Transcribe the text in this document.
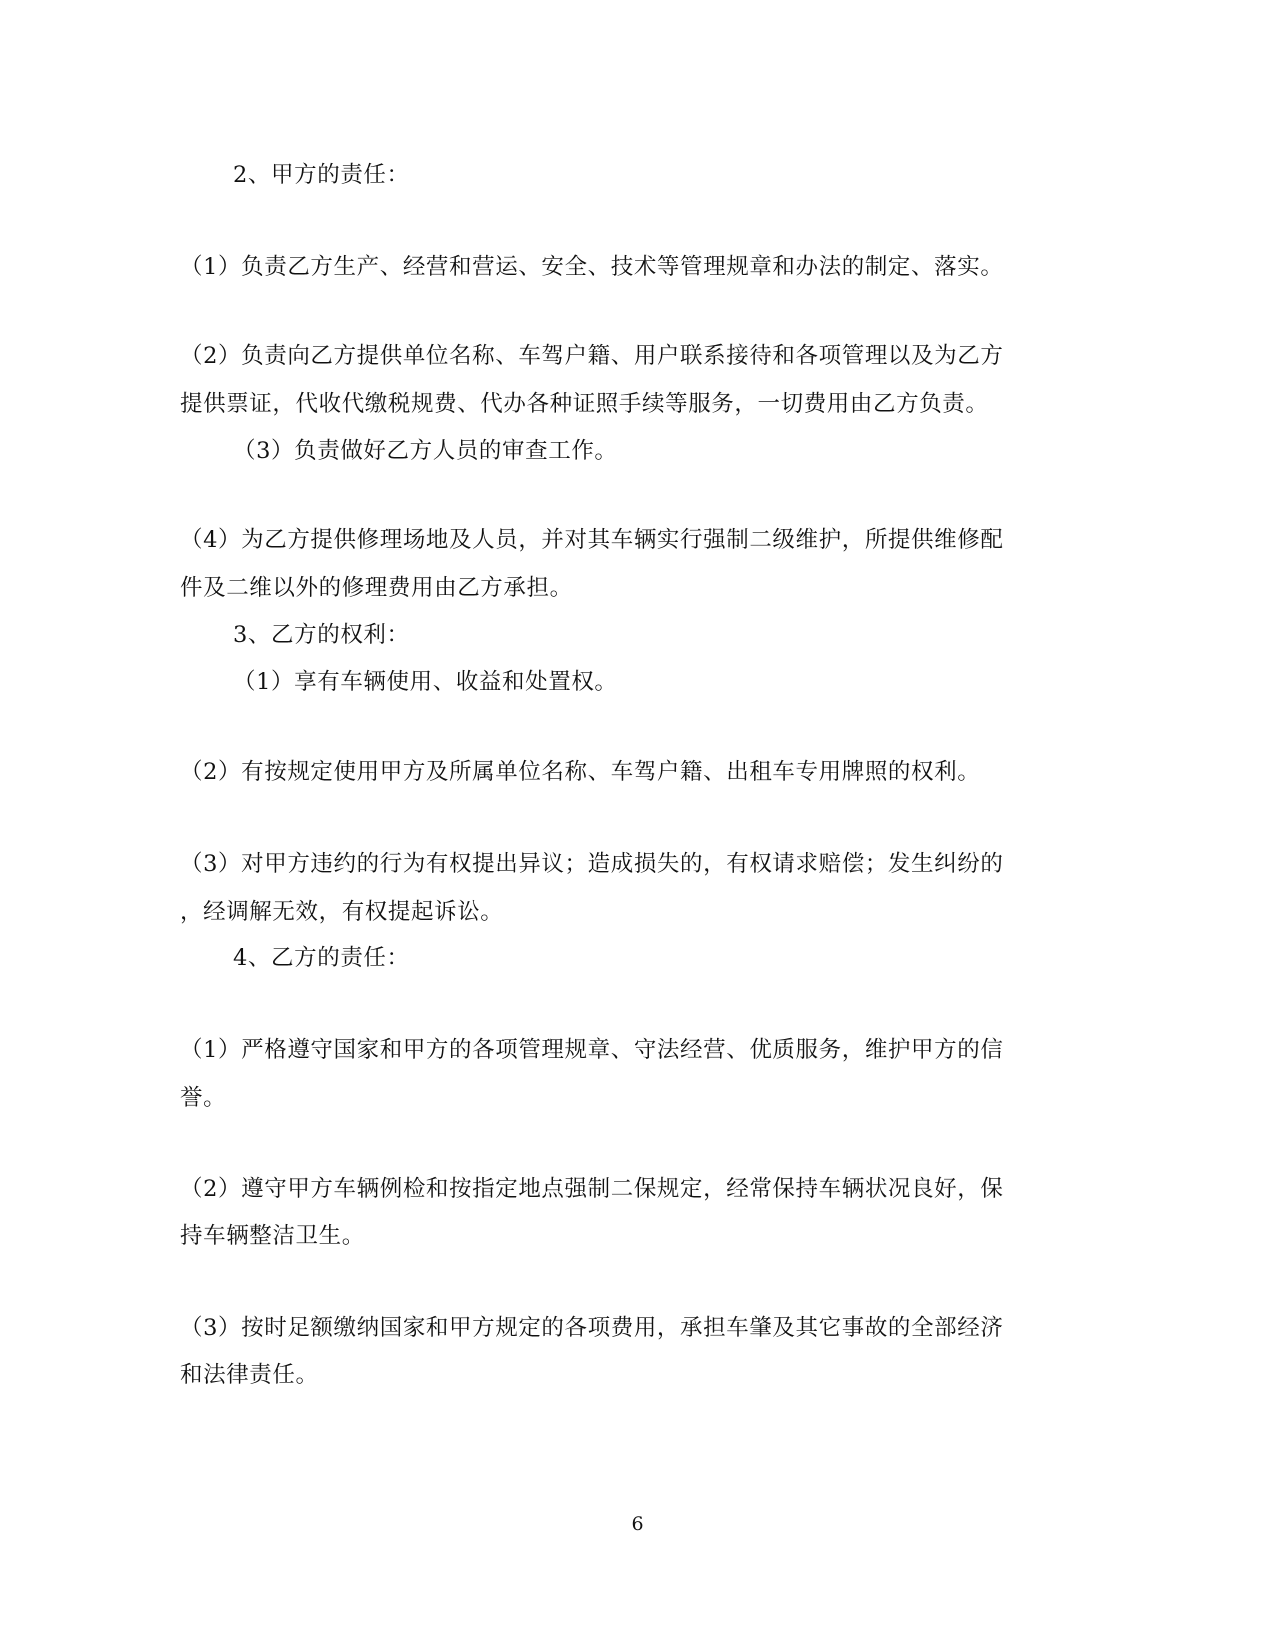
2、甲方的责任：
（1）负责乙方生产、经营和营运、安全、技术等管理规章和办法的制定、落实。
（2）负责向乙方提供单位名称、车驾户籍、用户联系接待和各项管理以及为乙方
提供票证，代收代缴税规费、代办各种证照手续等服务，一切费用由乙方负责。
（3）负责做好乙方人员的审查工作。
（4）为乙方提供修理场地及人员，并对其车辆实行强制二级维护，所提供维修配
件及二维以外的修理费用由乙方承担。
3、乙方的权利：
（1）享有车辆使用、收益和处置权。
（2）有按规定使用甲方及所属单位名称、车驾户籍、出租车专用牌照的权利。
（3）对甲方违约的行为有权提出异议；造成损失的，有权请求赔偿；发生纠纷的
，经调解无效，有权提起诉讼。
4、乙方的责任：
（1）严格遵守国家和甲方的各项管理规章、守法经营、优质服务，维护甲方的信
誉。
（2）遵守甲方车辆例检和按指定地点强制二保规定，经常保持车辆状况良好，保
持车辆整洁卫生。
（3）按时足额缴纳国家和甲方规定的各项费用，承担车肇及其它事故的全部经济
和法律责任。
6
